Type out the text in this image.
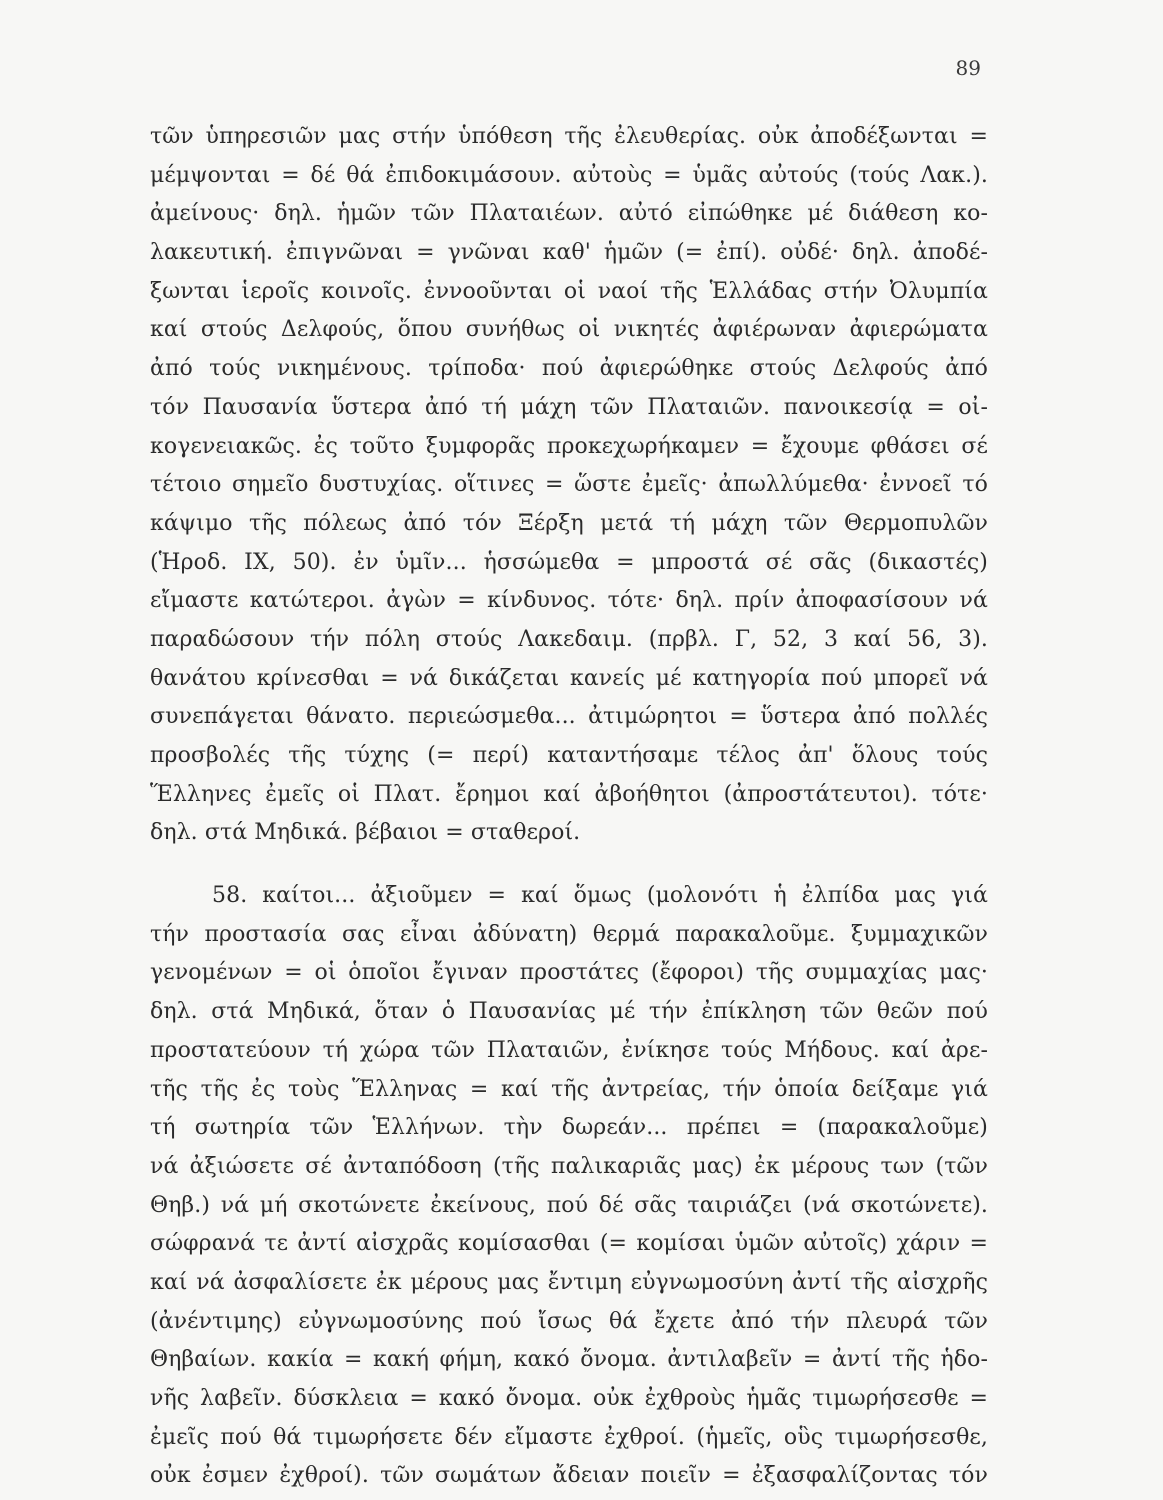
89
τῶν ὑπηρεσιῶν μας στήν ὑπόθεση τῆς ἐλευθερίας. οὐκ ἀποδέξωνται =
μέμψονται = δέ θά ἐπιδοκιμάσουν. αὐτοὺς = ὑμᾶς αὐτούς (τούς Λακ.).
ἀμείνους· δηλ. ἡμῶν τῶν Πλαταιέων. αὐτό εἰπώθηκε μέ διάθεση κο-
λακευτική. ἐπιγνῶναι = γνῶναι καθ' ἡμῶν (= ἐπί). οὐδέ· δηλ. ἀποδέ-
ξωνται ἱεροῖς κοινοῖς. ἐννοοῦνται οἱ ναοί τῆς Ἑλλάδας στήν Ὀλυμπία
καί στούς Δελφούς, ὅπου συνήθως οἱ νικητές ἀφιέρωναν ἀφιερώματα
ἀπό τούς νικημένους. τρίποδα· πού ἀφιερώθηκε στούς Δελφούς ἀπό
τόν Παυσανία ὕστερα ἀπό τή μάχη τῶν Πλαταιῶν. πανοικεσίᾳ = οἰ-
κογενειακῶς. ἐς τοῦτο ξυμφορᾶς προκεχωρήκαμεν = ἔχουμε φθάσει σέ
τέτοιο σημεῖο δυστυχίας. οἵτινες = ὥστε ἐμεῖς· ἀπωλλύμεθα· ἐννοεῖ τό
κάψιμο τῆς πόλεως ἀπό τόν Ξέρξη μετά τή μάχη τῶν Θερμοπυλῶν
(Ἡροδ. IX, 50). ἐν ὑμῖν... ἡσσώμεθα = μπροστά σέ σᾶς (δικαστές)
εἴμαστε κατώτεροι. ἀγὼν = κίνδυνος. τότε· δηλ. πρίν ἀποφασίσουν νά
παραδώσουν τήν πόλη στούς Λακεδαιμ. (πρβλ. Γ, 52, 3 καί 56, 3).
θανάτου κρίνεσθαι = νά δικάζεται κανείς μέ κατηγορία πού μπορεῖ νά
συνεπάγεται θάνατο. περιεώσμεθα... ἀτιμώρητοι = ὕστερα ἀπό πολλές
προσβολές τῆς τύχης (= περί) καταντήσαμε τέλος ἀπ' ὅλους τούς
Ἕλληνες ἐμεῖς οἱ Πλατ. ἔρημοι καί ἀβοήθητοι (ἀπροστάτευτοι). τότε·
δηλ. στά Μηδικά. βέβαιοι = σταθεροί.
58. καίτοι... ἀξιοῦμεν = καί ὅμως (μολονότι ἡ ἐλπίδα μας γιά
τήν προστασία σας εἶναι ἀδύνατη) θερμά παρακαλοῦμε. ξυμμαχικῶν
γενομένων = οἱ ὁποῖοι ἔγιναν προστάτες (ἔφοροι) τῆς συμμαχίας μας·
δηλ. στά Μηδικά, ὅταν ὁ Παυσανίας μέ τήν ἐπίκληση τῶν θεῶν πού
προστατεύουν τή χώρα τῶν Πλαταιῶν, ἐνίκησε τούς Μήδους. καί ἀρε-
τῆς τῆς ἐς τοὺς Ἕλληνας = καί τῆς ἀντρείας, τήν ὁποία δείξαμε γιά
τή σωτηρία τῶν Ἑλλήνων. τὴν δωρεάν... πρέπει = (παρακαλοῦμε)
νά ἀξιώσετε σέ ἀνταπόδοση (τῆς παλικαριᾶς μας) ἐκ μέρους των (τῶν
Θηβ.) νά μή σκοτώνετε ἐκείνους, πού δέ σᾶς ταιριάζει (νά σκοτώνετε).
σώφρανά τε ἀντί αἰσχρᾶς κομίσασθαι (= κομίσαι ὑμῶν αὐτοῖς) χάριν =
καί νά ἀσφαλίσετε ἐκ μέρους μας ἔντιμη εὐγνωμοσύνη ἀντί τῆς αἰσχρῆς
(ἀνέντιμης) εὐγνωμοσύνης πού ἴσως θά ἔχετε ἀπό τήν πλευρά τῶν
Θηβαίων. κακία = κακή φήμη, κακό ὄνομα. ἀντιλαβεῖν = ἀντί τῆς ἡδο-
νῆς λαβεῖν. δύσκλεια = κακό ὄνομα. οὐκ ἐχθροὺς ἡμᾶς τιμωρήσεσθε =
ἐμεῖς πού θά τιμωρήσετε δέν εἴμαστε ἐχθροί. (ἡμεῖς, οὓς τιμωρήσεσθε,
οὐκ ἐσμεν ἐχθροί). τῶν σωμάτων ἄδειαν ποιεῖν = ἐξασφαλίζοντας τόν
